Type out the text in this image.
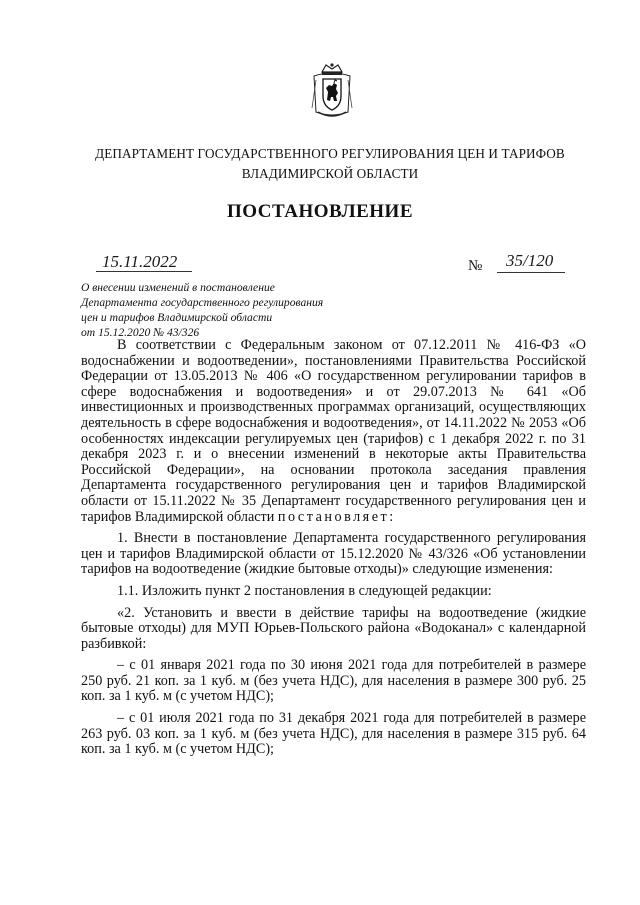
ДЕПАРТАМЕНТ ГОСУДАРСТВЕННОГО РЕГУЛИРОВАНИЯ ЦЕН И ТАРИФОВ
ВЛАДИМИРСКОЙ ОБЛАСТИ
ПОСТАНОВЛЕНИЕ
15.11.2022	№ 35/120
О внесении изменений в постановление
Департамента государственного регулирования
цен и тарифов Владимирской области
от 15.12.2020 № 43/326

В соответствии с Федеральным законом от 07.12.2011 № 416-ФЗ «О водоснабжении и водоотведении», постановлениями Правительства Российской Федерации от 13.05.2013 № 406 «О государственном регулировании тарифов в сфере водоснабжения и водоотведения» и от 29.07.2013 № 641 «Об инвестиционных и производственных программах организаций, осуществляющих деятельность в сфере водоснабжения и водоотведения», от 14.11.2022 № 2053 «Об особенностях индексации регулируемых цен (тарифов) с 1 декабря 2022 г. по 31 декабря 2023 г. и о внесении изменений в некоторые акты Правительства Российской Федерации», на основании протокола заседания правления Департамента государственного регулирования цен и тарифов Владимирской области от 15.11.2022 № 35 Департамент государственного регулирования цен и тарифов Владимирской области постановляет:

1. Внести в постановление Департамента государственного регулирования цен и тарифов Владимирской области от 15.12.2020 № 43/326 «Об установлении тарифов на водоотведение (жидкие бытовые отходы)» следующие изменения:

1.1. Изложить пункт 2 постановления в следующей редакции:

«2. Установить и ввести в действие тарифы на водоотведение (жидкие бытовые отходы) для МУП Юрьев-Польского района «Водоканал» с календарной разбивкой:

– с 01 января 2021 года по 30 июня 2021 года для потребителей в размере 250 руб. 21 коп. за 1 куб. м (без учета НДС), для населения в размере 300 руб. 25 коп. за 1 куб. м (с учетом НДС);

– с 01 июля 2021 года по 31 декабря 2021 года для потребителей в размере 263 руб. 03 коп. за 1 куб. м (без учета НДС), для населения в размере 315 руб. 64 коп. за 1 куб. м (с учетом НДС);
